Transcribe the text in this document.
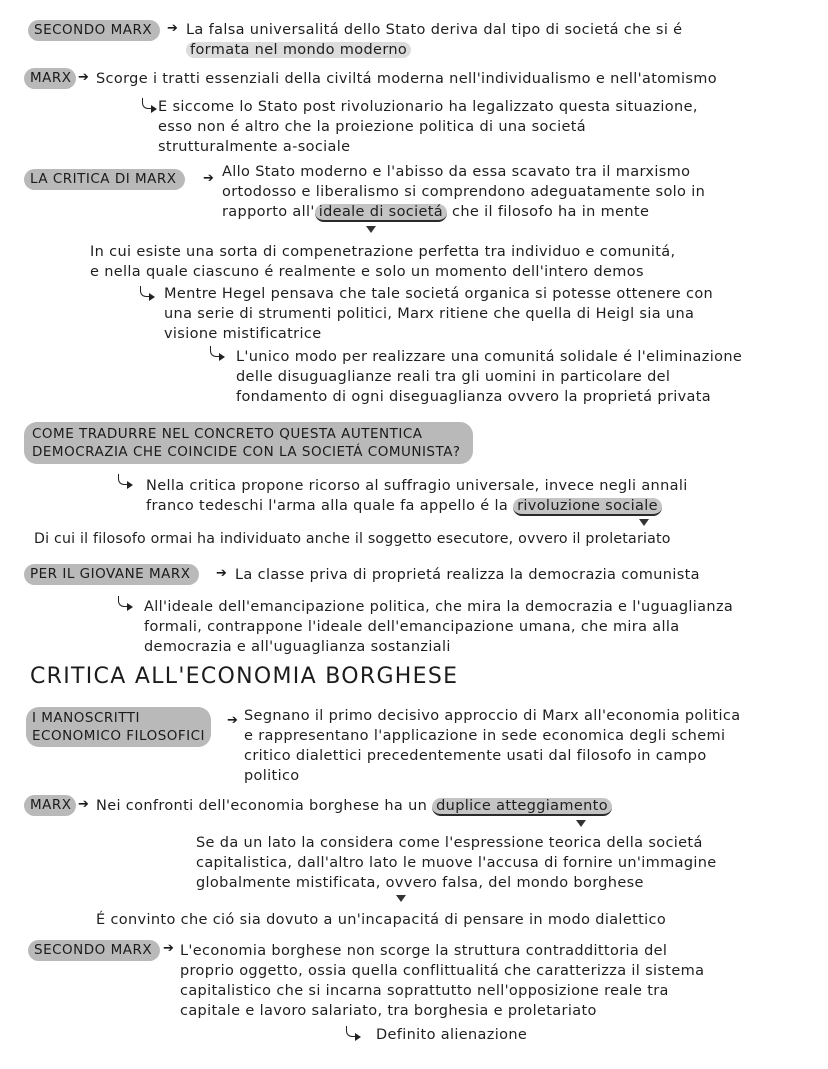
SECONDO MARX	➔ La falsa universalitá dello Stato deriva dal tipo di societá che si é
formata nel mondo moderno
MARX ➔ Scorge i tratti essenziali della civiltá moderna nell'individualismo e nell'atomismo
E siccome lo Stato post rivoluzionario ha legalizzato questa situazione,
esso non é altro che la proiezione politica di una societá
strutturalmente a-sociale
LA CRITICA DI MARX	➔ Allo Stato moderno e l'abisso da essa scavato tra il marxismo
ortodosso e liberalismo si comprendono adeguatamente solo in
rapporto all' ideale di societá che il filosofo ha in mente
In cui esiste una sorta di compenetrazione perfetta tra individuo e comunitá,
e nella quale ciascuno é realmente e solo un momento dell'intero demos
Mentre Hegel pensava che tale societá organica si potesse ottenere con
una serie di strumenti politici, Marx ritiene che quella di Heigl sia una
visione mistificatrice
L'unico modo per realizzare una comunitá solidale é l'eliminazione
delle disuguaglianze reali tra gli uomini in particolare del
fondamento di ogni diseguaglianza ovvero la proprietá privata
COME TRADURRE NEL CONCRETO QUESTA AUTENTICA
DEMOCRAZIA CHE COINCIDE CON LA SOCIETÁ COMUNISTA?
Nella critica propone ricorso al suffragio universale, invece negli annali
franco tedeschi l'arma alla quale fa appello é la rivoluzione sociale
Di cui il filosofo ormai ha individuato anche il soggetto esecutore, ovvero il proletariato
PER IL GIOVANE MARX	➔ La classe priva di proprietá realizza la democrazia comunista
All'ideale dell'emancipazione politica, che mira la democrazia e l'uguaglianza
formali, contrappone l'ideale dell'emancipazione umana, che mira alla
democrazia e all'uguaglianza sostanziali
CRITICA ALL'ECONOMIA BORGHESE
I MANOSCRITTI
ECONOMICO FILOSOFICI
➔ Segnano il primo decisivo approccio di Marx all'economia politica
e rappresentano l'applicazione in sede economica degli schemi
critico dialettici precedentemente usati dal filosofo in campo
politico
MARX ➔ Nei confronti dell'economia borghese ha un duplice atteggiamento
Se da un lato la considera come l'espressione teorica della societá
capitalistica, dall'altro lato le muove l'accusa di fornire un'immagine
globalmente mistificata, ovvero falsa, del mondo borghese
É convinto che ció sia dovuto a un'incapacitá di pensare in modo dialettico
SECONDO MARX ➔ L'economia borghese non scorge la struttura contraddittoria del
proprio oggetto, ossia quella conflittualitá che caratterizza il sistema
capitalistico che si incarna soprattutto nell'opposizione reale tra
capitale e lavoro salariato, tra borghesia e proletariato
Definito alienazione
